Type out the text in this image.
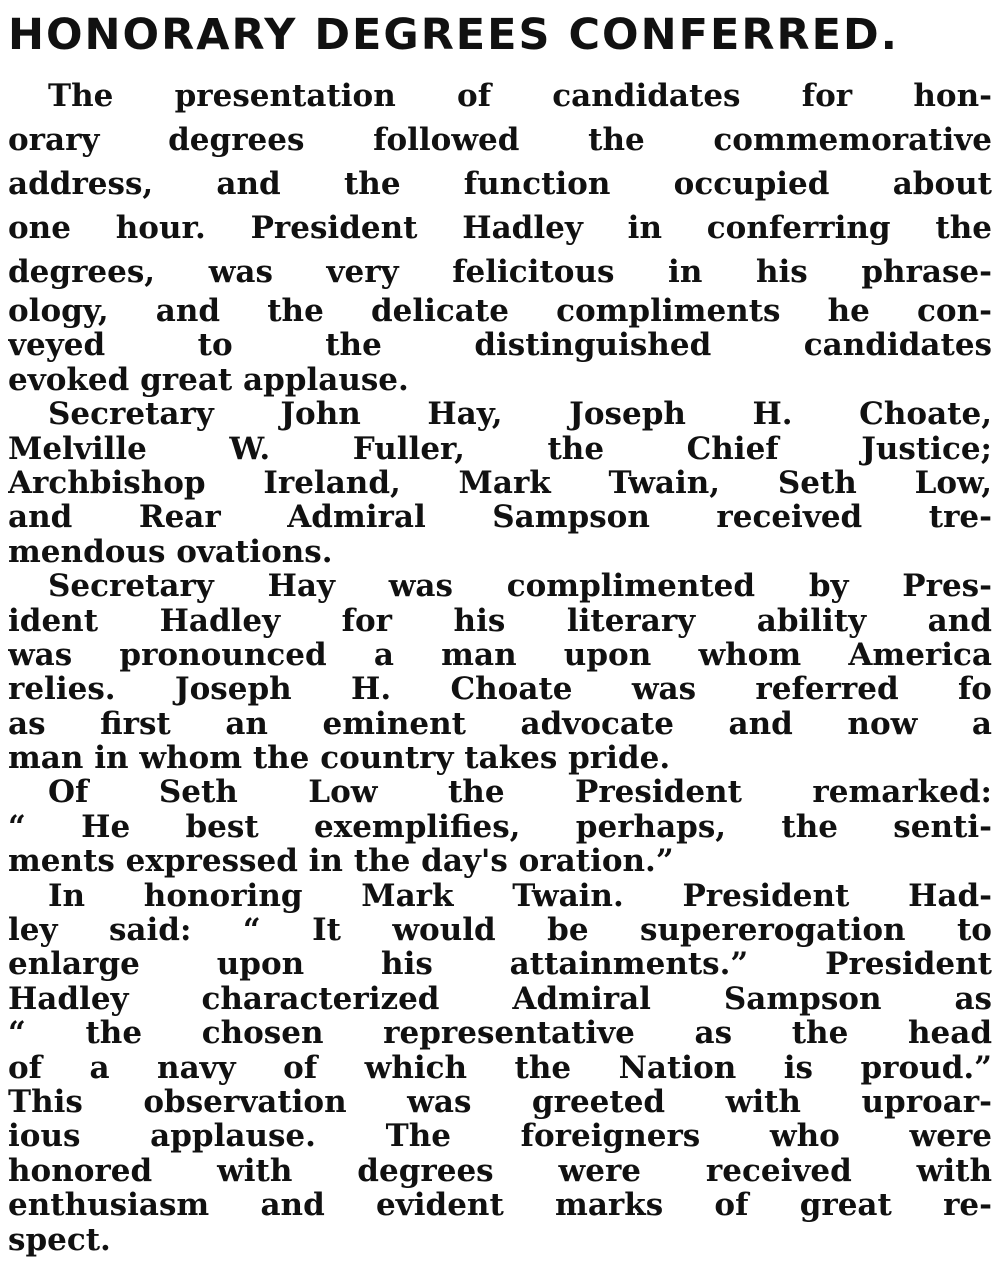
HONORARY DEGREES CONFERRED.
The presentation of candidates for hon-
orary degrees followed the commemorative
address, and the function occupied about
one hour. President Hadley in conferring the
degrees, was very felicitous in his phrase-
ology, and the delicate compliments he con-
veyed to the distinguished candidates
evoked great applause.
Secretary John Hay, Joseph H. Choate,
Melville W. Fuller, the Chief Justice;
Archbishop Ireland, Mark Twain, Seth Low,
and Rear Admiral Sampson received tre-
mendous ovations.
Secretary Hay was complimented by Pres-
ident Hadley for his literary ability and
was pronounced a man upon whom America
relies. Joseph H. Choate was referred fo
as first an eminent advocate and now a
man in whom the country takes pride.
Of Seth Low the President remarked:
“ He best exemplifies, perhaps, the senti-
ments expressed in the day's oration.”
In honoring Mark Twain. President Had-
ley said: “ It would be supererogation to
enlarge upon his attainments.” President
Hadley characterized Admiral Sampson as
“ the chosen representative as the head
of a navy of which the Nation is proud.”
This observation was greeted with uproar-
ious applause. The foreigners who were
honored with degrees were received with
enthusiasm and evident marks of great re-
spect.
